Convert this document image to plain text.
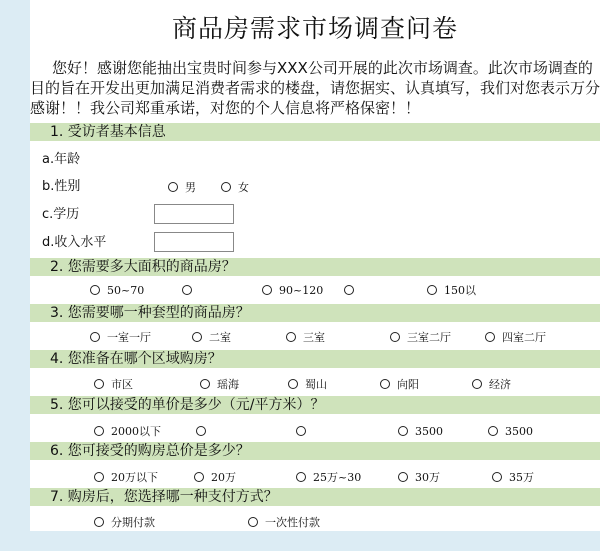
商品房需求市场调查问卷
您好！感谢您能抽出宝贵时间参与XXX公司开展的此次市场调查。此次市场调查的目的旨在开发出更加满足消费者需求的楼盘，请您据实、认真填写，我们对您表示万分感谢！！我公司郑重承诺，对您的个人信息将严格保密！！
1. 受访者基本信息
a.年龄
b.性别	男	女
c.学历
d.收入水平
2. 您需要多大面积的商品房？
50~70	90~120	150以
3. 您需要哪一种套型的商品房？
一室一厅	二室	三室	三室二厅	四室二厅
4. 您准备在哪个区域购房？
市区	瑶海	蜀山	向阳	经济
5. 您可以接受的单价是多少（元/平方米）？
2000以下	3500	3500
6. 您可接受的购房总价是多少？
20万以下	20万	25万~30	30万	35万
7. 购房后，您选择哪一种支付方式？
分期付款	一次性付款
